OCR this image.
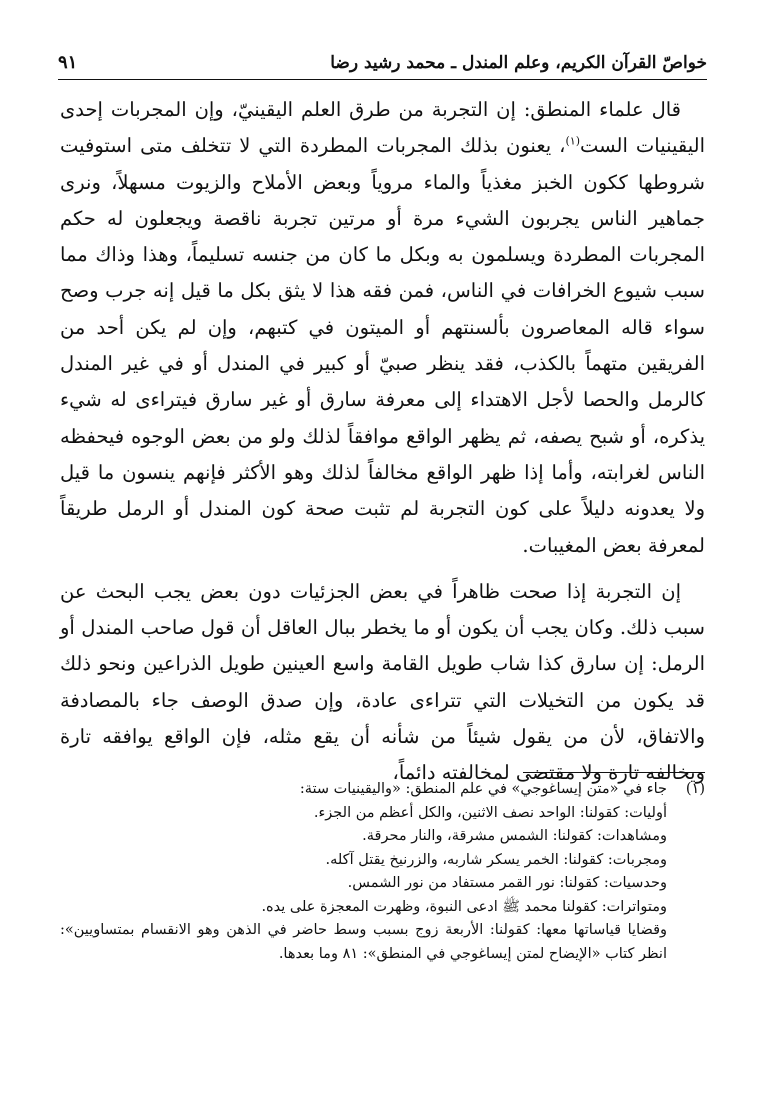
خواصّ القرآن الكريم، وعلم المندل ـ محمد رشيد رضا
٩١

قال علماء المنطق: إن التجربة من طرق العلم اليقينيّ، وإن المجربات إحدى اليقينيات الست$^{(١)}$، يعنون بذلك المجربات المطردة التي لا تتخلف متى استوفيت شروطها ككون الخبز مغذياً والماء مروياً وبعض الأملاح والزيوت مسهلاً، ونرى جماهير الناس يجربون الشيء مرة أو مرتين تجربة ناقصة ويجعلون له حكم المجربات المطردة ويسلمون به وبكل ما كان من جنسه تسليماً، وهذا وذاك مما سبب شيوع الخرافات في الناس، فمن فقه هذا لا يثق بكل ما قيل إنه جرب وصح سواء قاله المعاصرون بألسنتهم أو الميتون في كتبهم، وإن لم يكن أحد من الفريقين متهماً بالكذب، فقد ينظر صبيّ أو كبير في المندل أو في غير المندل كالرمل والحصا لأجل الاهتداء إلى معرفة سارق أو غير سارق فيتراءى له شيء يذكره، أو شبح يصفه، ثم يظهر الواقع موافقاً لذلك ولو من بعض الوجوه فيحفظه الناس لغرابته، وأما إذا ظهر الواقع مخالفاً لذلك وهو الأكثر فإنهم ينسون ما قيل ولا يعدونه دليلاً على كون التجربة لم تثبت صحة كون المندل أو الرمل طريقاً لمعرفة بعض المغيبات.

إن التجربة إذا صحت ظاهراً في بعض الجزئيات دون بعض يجب البحث عن سبب ذلك. وكان يجب أن يكون أو ما يخطر ببال العاقل أن قول صاحب المندل أو الرمل: إن سارق كذا شاب طويل القامة واسع العينين طويل الذراعين ونحو ذلك قد يكون من التخيلات التي تتراءى عادة، وإن صدق الوصف جاء بالمصادفة والاتفاق، لأن من يقول شيئاً من شأنه أن يقع مثله، فإن الواقع يوافقه تارة ويخالفه تارة ولا مقتضى لمخالفته دائماً،

(١)
جاء في «متن إيساغوجي» في علم المنطق: «واليقينيات ستة:
أوليات: كقولنا: الواحد نصف الاثنين، والكل أعظم من الجزء.
ومشاهدات: كقولنا: الشمس مشرقة، والنار محرقة.
ومجربات: كقولنا: الخمر يسكر شاربه، والزرنيخ يقتل آكله.
وحدسيات: كقولنا: نور القمر مستفاد من نور الشمس.
ومتواترات: كقولنا محمد ﷺ ادعى النبوة، وظهرت المعجزة على يده.
وقضايا قياساتها معها: كقولنا: الأربعة زوج بسبب وسط حاضر في الذهن وهو الانقسام بمتساويين»: انظر كتاب «الإيضاح لمتن إيساغوجي في المنطق»: ٨١ وما بعدها.
